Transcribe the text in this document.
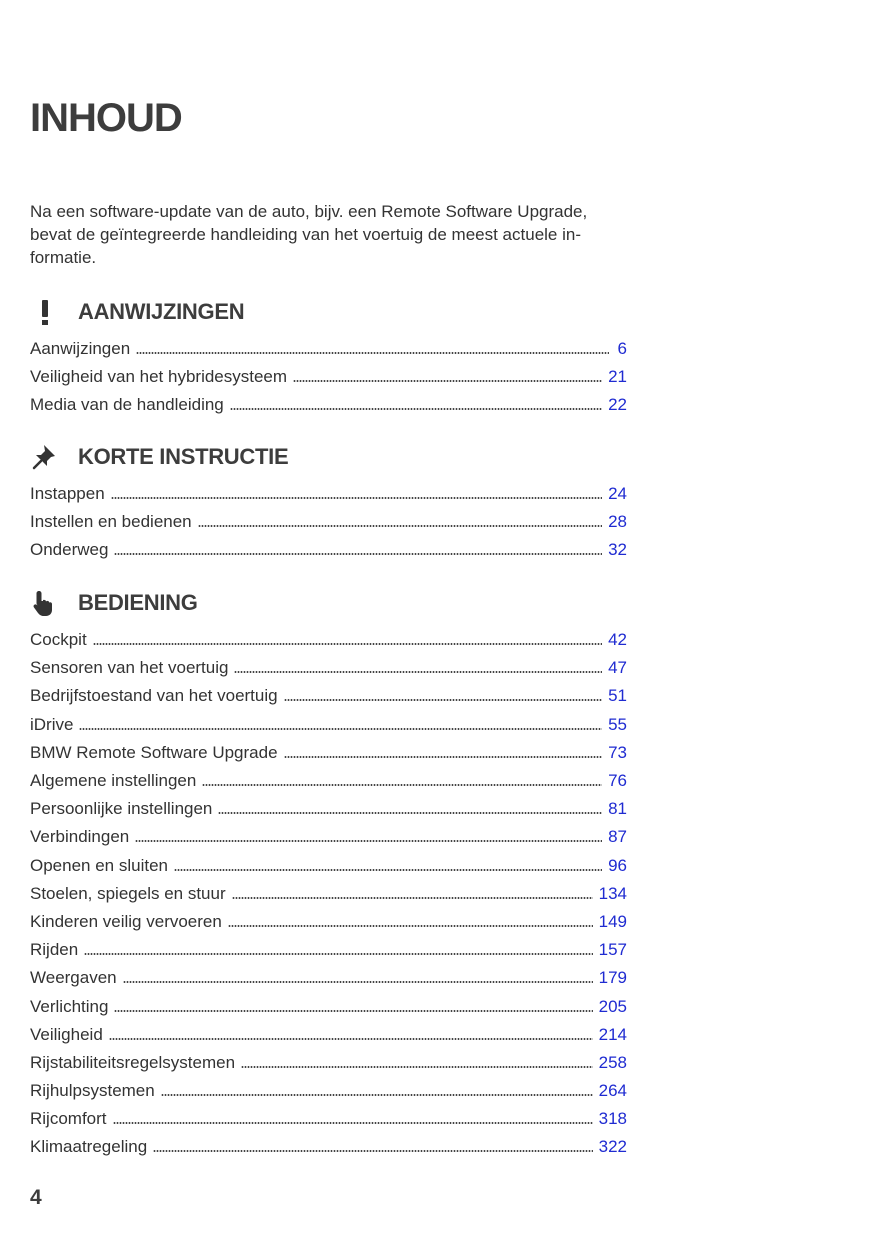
INHOUD
Na een software-update van de auto, bijv. een Remote Software Upgrade,
bevat de geïntegreerde handleiding van het voertuig de meest actuele in-
formatie.
AANWIJZINGEN
Aanwijzingen	6
Veiligheid van het hybridesysteem	21
Media van de handleiding	22
KORTE INSTRUCTIE
Instappen	24
Instellen en bedienen	28
Onderweg	32
BEDIENING
Cockpit	42
Sensoren van het voertuig	47
Bedrijfstoestand van het voertuig	51
iDrive	55
BMW Remote Software Upgrade	73
Algemene instellingen	76
Persoonlijke instellingen	81
Verbindingen	87
Openen en sluiten	96
Stoelen, spiegels en stuur	134
Kinderen veilig vervoeren	149
Rijden	157
Weergaven	179
Verlichting	205
Veiligheid	214
Rijstabiliteitsregelsystemen	258
Rijhulpsystemen	264
Rijcomfort	318
Klimaatregeling	322
4
